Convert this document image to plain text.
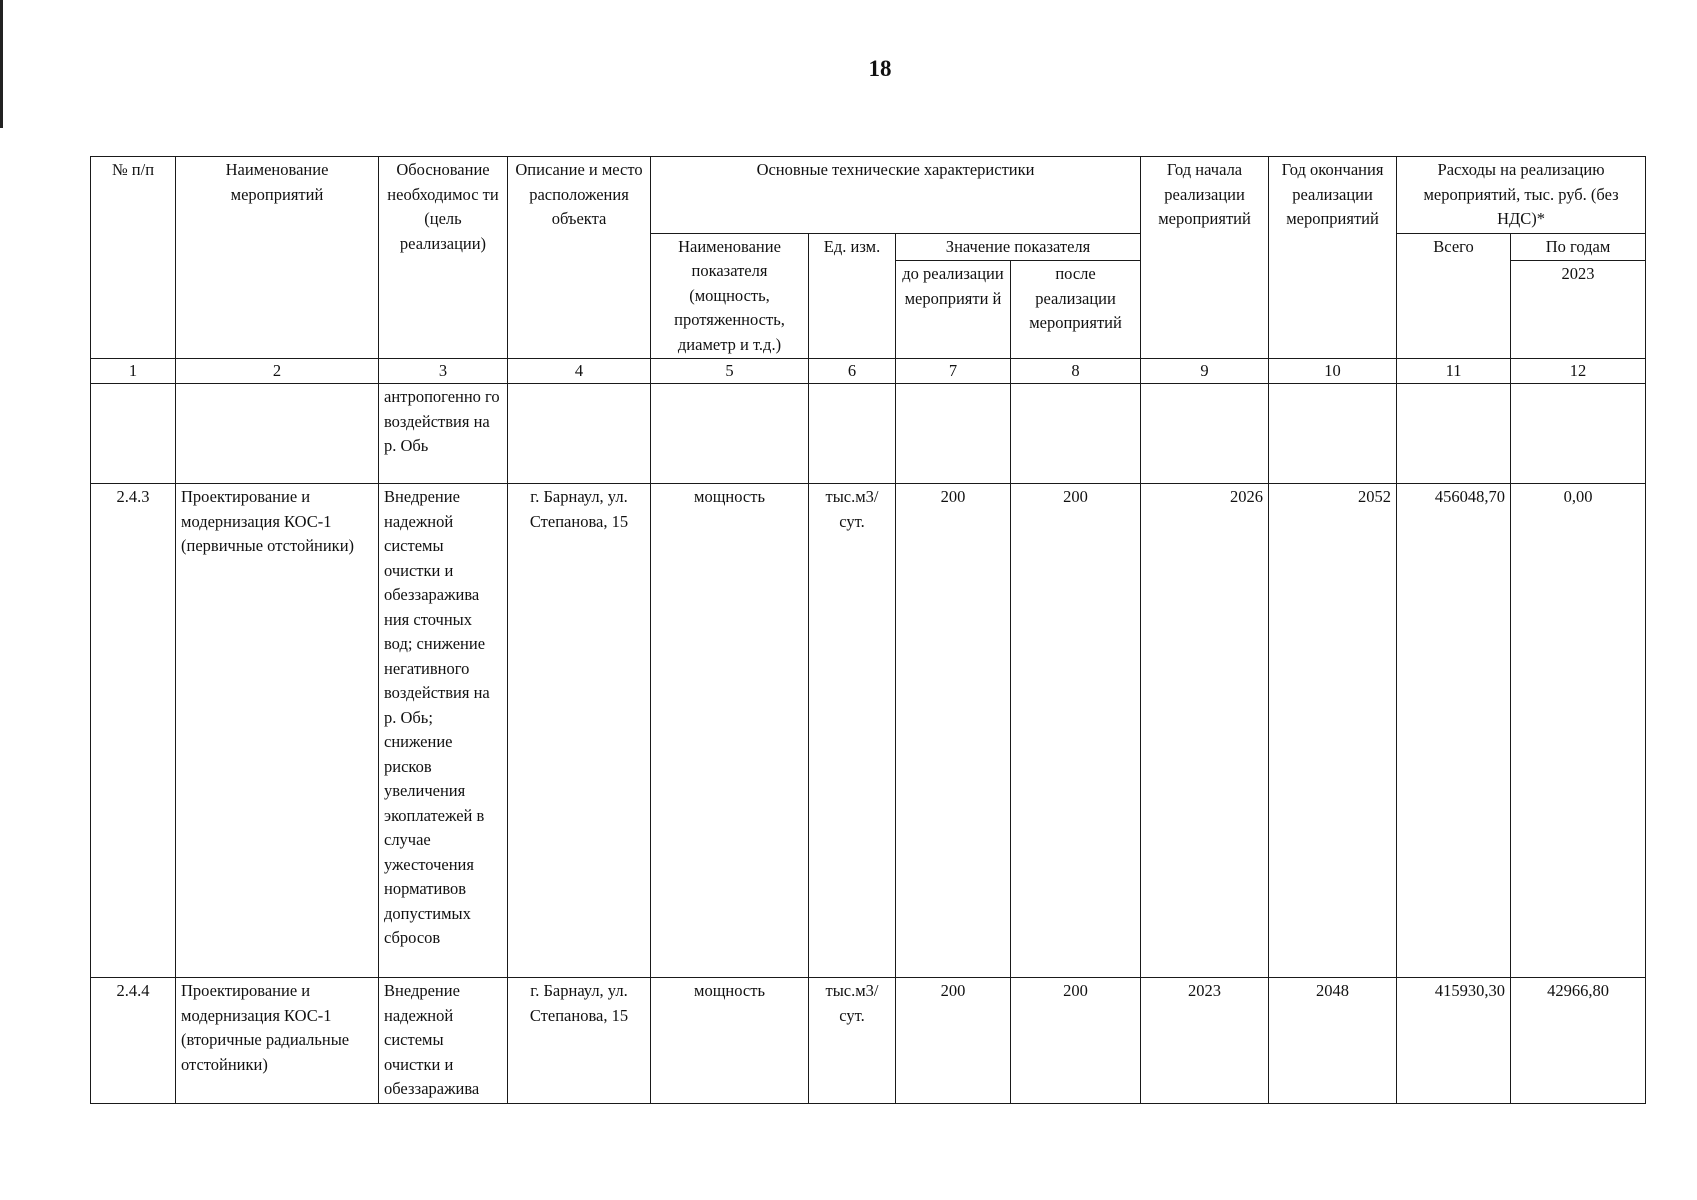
18
№ п/п	Наименование мероприятий	Обоснование необходимос ти (цель реализации)	Описание и место расположения объекта	Основные технические характеристики				Год начала реализации мероприятий	Год окончания реализации мероприятий	Расходы на реализацию мероприятий, тыс. руб. (без НДС)*	
				Наименование показателя (мощность, протяженность, диаметр и т.д.)	Ед. изм.	Значение показателя				Всего	По годам
						до реализации мероприяти й	после реализации мероприятий				2023
1	2	3	4	5	6	7	8	9	10	11	12
		антропогенно го воздействия на р. Обь									
2.4.3	Проектирование и модернизация КОС-1 (первичные отстойники)	Внедрение надежной системы очистки и обеззаражива ния сточных вод; снижение негативного воздействия на р. Обь; снижение рисков увеличения экоплатежей в случае ужесточения нормативов допустимых сбросов	г. Барнаул, ул. Степанова, 15	мощность	тыс.м3/ сут.	200	200	2026	2052	456048,70	0,00
2.4.4	Проектирование и модернизация КОС-1 (вторичные радиальные отстойники)	Внедрение надежной системы очистки и обеззаражива	г. Барнаул, ул. Степанова, 15	мощность	тыс.м3/ сут.	200	200	2023	2048	415930,30	42966,80
